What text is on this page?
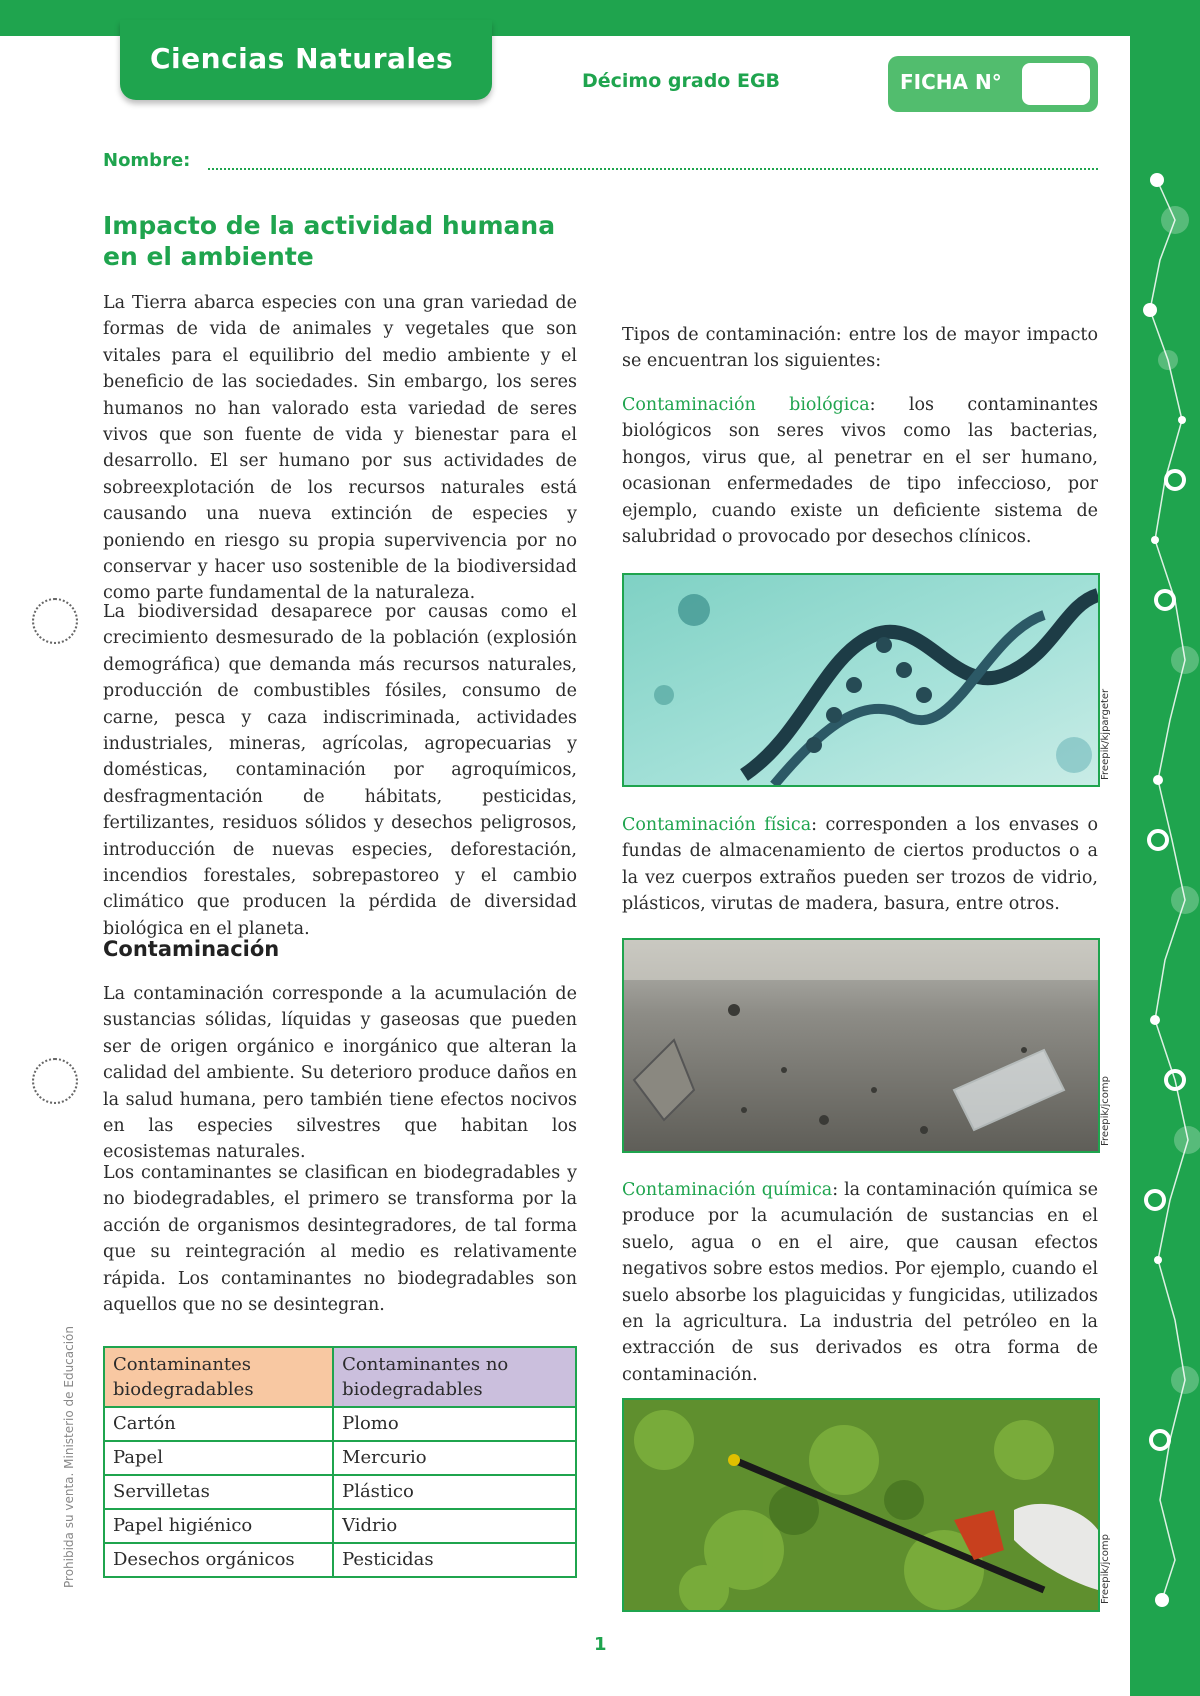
Ciencias Naturales
Décimo grado EGB	FICHA N°
Nombre:
Impacto de la actividad humana en el ambiente

La Tierra abarca especies con una gran variedad de formas de vida de animales y vegetales que son vitales para el equilibrio del medio ambiente y el beneficio de las sociedades. Sin embargo, los seres humanos no han valorado esta variedad de seres vivos que son fuente de vida y bienestar para el desarrollo. El ser humano por sus actividades de sobreexplotación de los recursos naturales está causando una nueva extinción de especies y poniendo en riesgo su propia supervivencia por no conservar y hacer uso sostenible de la biodiversidad como parte fundamental de la naturaleza.

La biodiversidad desaparece por causas como el crecimiento desmesurado de la población (explosión demográfica) que demanda más recursos naturales, producción de combustibles fósiles, consumo de carne, pesca y caza indiscriminada, actividades industriales, mineras, agrícolas, agropecuarias y domésticas, contaminación por agroquímicos, desfragmentación de hábitats, pesticidas, fertilizantes, residuos sólidos y desechos peligrosos, introducción de nuevas especies, deforestación, incendios forestales, sobrepastoreo y el cambio climático que producen la pérdida de diversidad biológica en el planeta.

Contaminación

La contaminación corresponde a la acumulación de sustancias sólidas, líquidas y gaseosas que pueden ser de origen orgánico e inorgánico que alteran la calidad del ambiente. Su deterioro produce daños en la salud humana, pero también tiene efectos nocivos en las especies silvestres que habitan los ecosistemas naturales.

Los contaminantes se clasifican en biodegradables y no biodegradables, el primero se transforma por la acción de organismos desintegradores, de tal forma que su reintegración al medio es relativamente rápida. Los contaminantes no biodegradables son aquellos que no se desintegran.

Contaminantes biodegradables	Contaminantes no biodegradables
Cartón	Plomo
Papel	Mercurio
Servilletas	Plástico
Papel higiénico	Vidrio
Desechos orgánicos	Pesticidas

Tipos de contaminación: entre los de mayor impacto se encuentran los siguientes:

Contaminación biológica: los contaminantes biológicos son seres vivos como las bacterias, hongos, virus que, al penetrar en el ser humano, ocasionan enfermedades de tipo infeccioso, por ejemplo, cuando existe un deficiente sistema de salubridad o provocado por desechos clínicos.

Freepik/kjpargeter

Contaminación física: corresponden a los envases o fundas de almacenamiento de ciertos productos o a la vez cuerpos extraños pueden ser trozos de vidrio, plásticos, virutas de madera, basura, entre otros.

Freepik/jcomp

Contaminación química: la contaminación química se produce por la acumulación de sustancias en el suelo, agua o en el aire, que causan efectos negativos sobre estos medios. Por ejemplo, cuando el suelo absorbe los plaguicidas y fungicidas, utilizados en la agricultura. La industria del petróleo en la extracción de sus derivados es otra forma de contaminación.

Freepik/jcomp
Prohibida su venta. Ministerio de Educación
1
